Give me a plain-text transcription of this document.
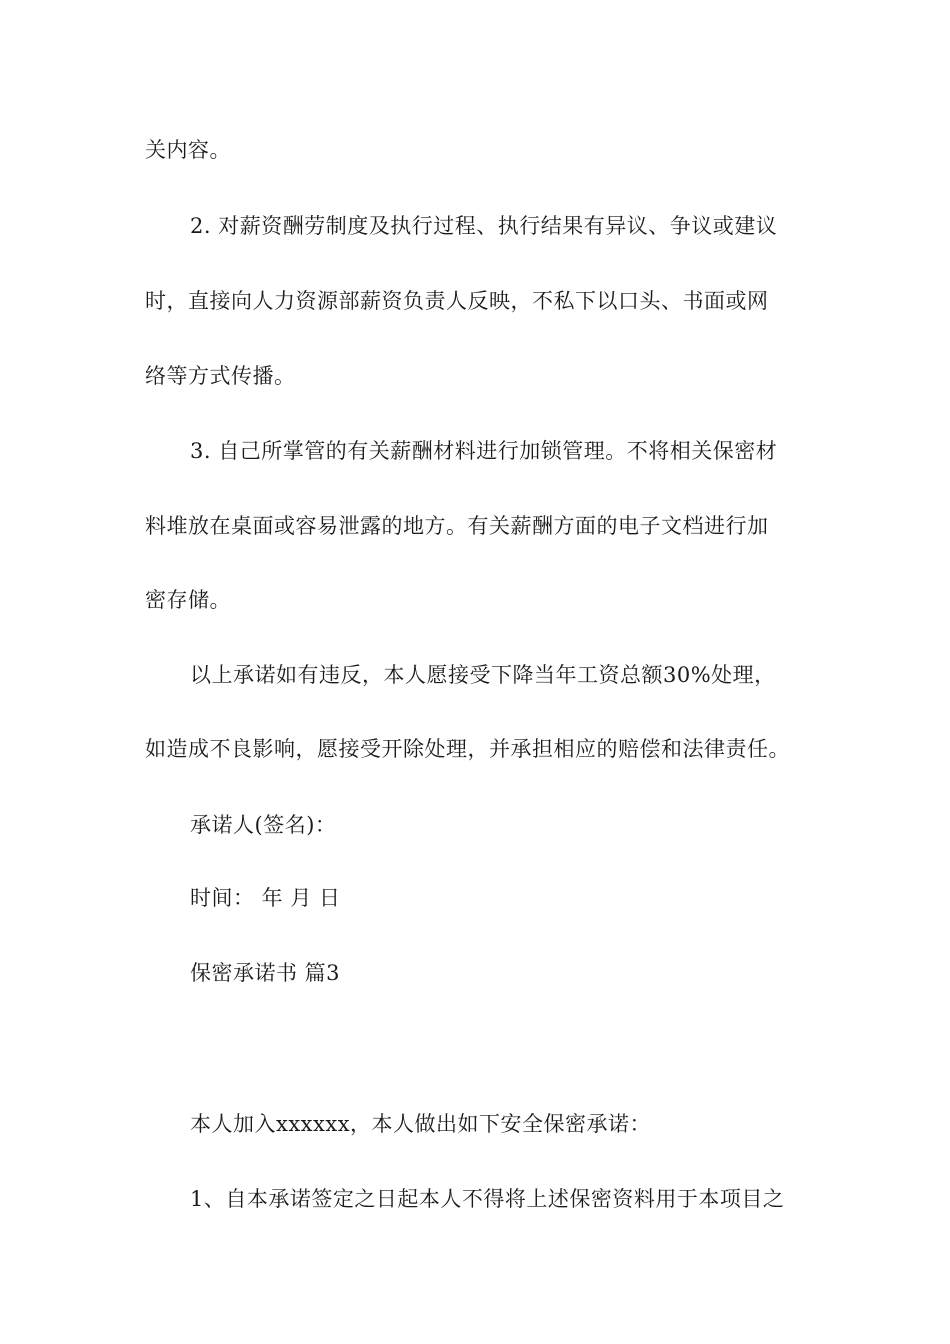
关内容。
2. 对薪资酬劳制度及执行过程、执行结果有异议、争议或建议
时，直接向人力资源部薪资负责人反映，不私下以口头、书面或网
络等方式传播。
3. 自己所掌管的有关薪酬材料进行加锁管理。不将相关保密材
料堆放在桌面或容易泄露的地方。有关薪酬方面的电子文档进行加
密存储。
以上承诺如有违反，本人愿接受下降当年工资总额30%处理，
如造成不良影响，愿接受开除处理，并承担相应的赔偿和法律责任。
承诺人(签名)：
时间： 年 月 日
保密承诺书 篇3
本人加入xxxxxx，本人做出如下安全保密承诺：
1、自本承诺签定之日起本人不得将上述保密资料用于本项目之
